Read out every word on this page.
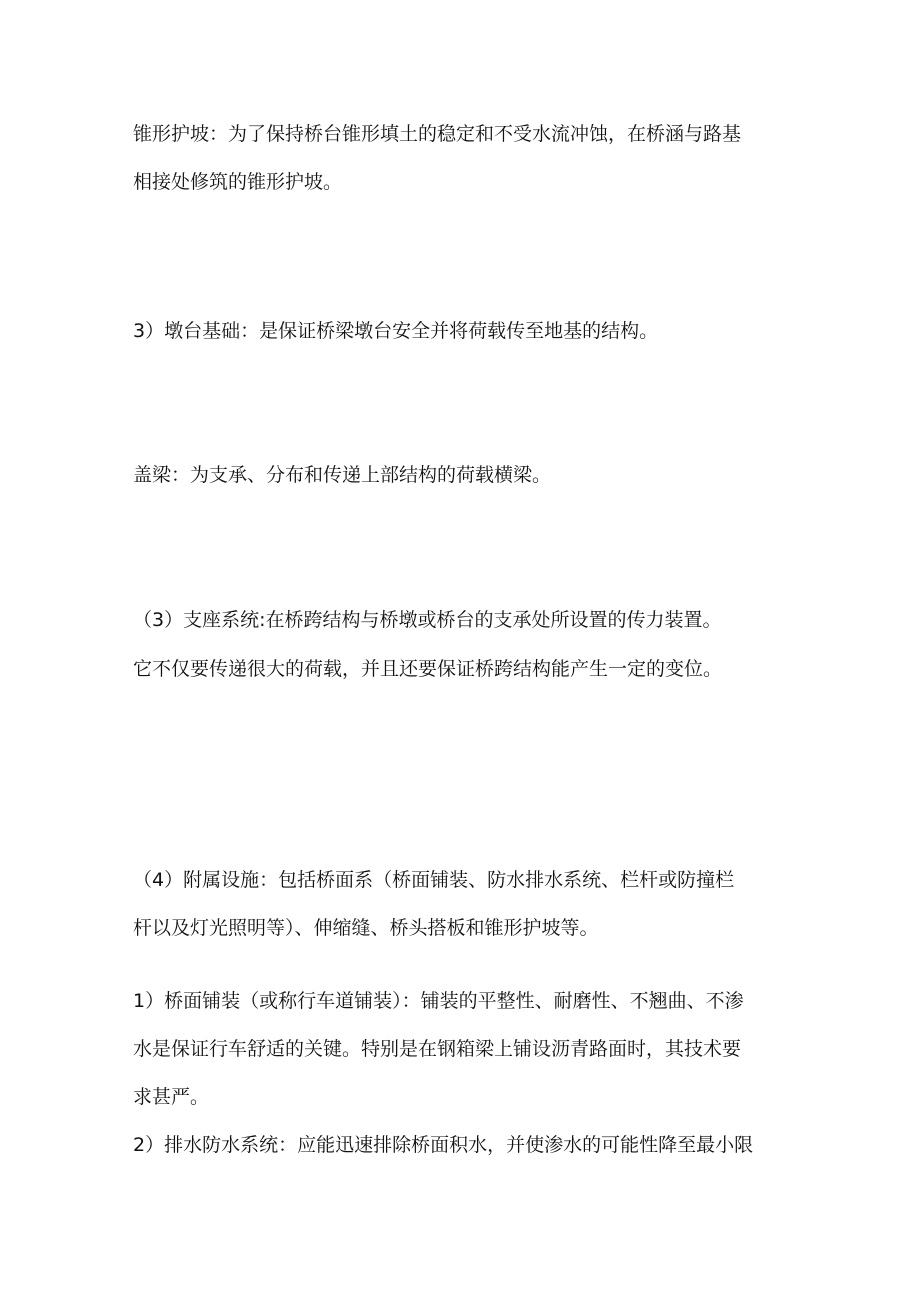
锥形护坡：为了保持桥台锥形填土的稳定和不受水流冲蚀，在桥涵与路基

相接处修筑的锥形护坡。

3）墩台基础：是保证桥梁墩台安全并将荷载传至地基的结构。

盖梁：为支承、分布和传递上部结构的荷载横梁。

（3）支座系统:在桥跨结构与桥墩或桥台的支承处所设置的传力装置。

它不仅要传递很大的荷载，并且还要保证桥跨结构能产生一定的变位。

（4）附属设施：包括桥面系（桥面铺装、防水排水系统、栏杆或防撞栏

杆以及灯光照明等）、伸缩缝、桥头搭板和锥形护坡等。

1）桥面铺装（或称行车道铺装）：铺装的平整性、耐磨性、不翘曲、不渗

水是保证行车舒适的关键。特别是在钢箱梁上铺设沥青路面时，其技术要

求甚严。

2）排水防水系统：应能迅速排除桥面积水，并使渗水的可能性降至最小限
